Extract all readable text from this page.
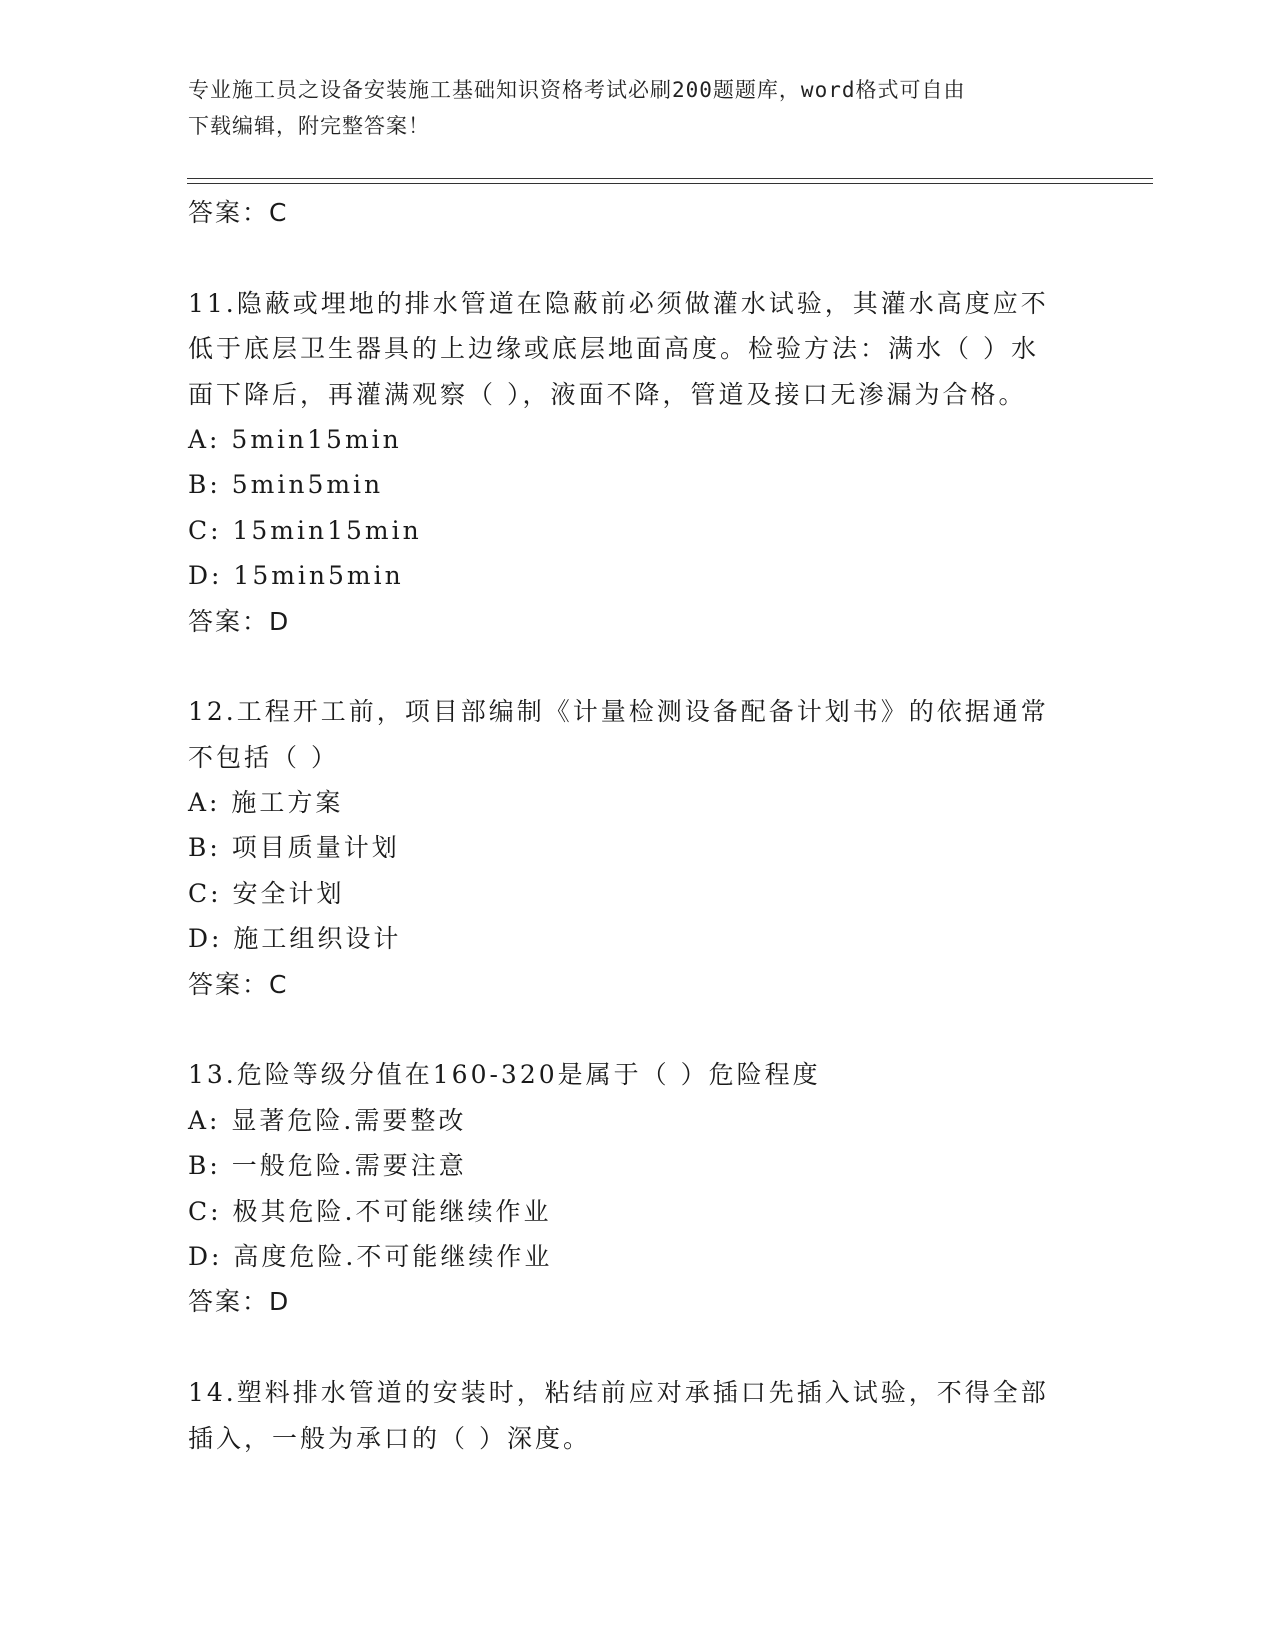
专业施工员之设备安装施工基础知识资格考试必刷200题题库，word格式可自由
下载编辑，附完整答案！
答案：C
11.隐蔽或埋地的排水管道在隐蔽前必须做灌水试验，其灌水高度应不
低于底层卫生器具的上边缘或底层地面高度。检验方法：满水（ ）水
面下降后，再灌满观察（ ），液面不降，管道及接口无渗漏为合格。
A: 5min15min
B: 5min5min
C: 15min15min
D: 15min5min
答案：D
12.工程开工前，项目部编制《计量检测设备配备计划书》的依据通常
不包括（ ）
A: 施工方案
B: 项目质量计划
C: 安全计划
D: 施工组织设计
答案：C
13.危险等级分值在160-320是属于（ ）危险程度
A: 显著危险.需要整改
B: 一般危险.需要注意
C: 极其危险.不可能继续作业
D: 高度危险.不可能继续作业
答案：D
14.塑料排水管道的安装时，粘结前应对承插口先插入试验，不得全部
插入，一般为承口的（ ）深度。
